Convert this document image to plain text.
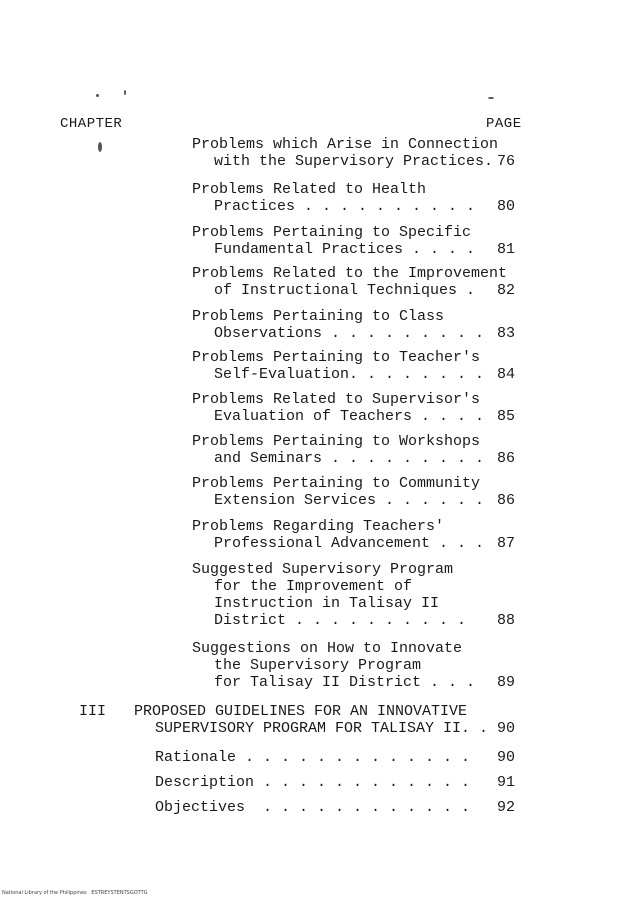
CHAPTER	PAGE
Problems which Arise in Connection
with the Supervisory Practices. 76
Problems Related to Health
Practices . . . . . . . . . . 80
Problems Pertaining to Specific
Fundamental Practices . . . . 81
Problems Related to the Improvement
of Instructional Techniques . 82
Problems Pertaining to Class
Observations . . . . . . . . . 83
Problems Pertaining to Teacher's
Self-Evaluation. . . . . . . . 84
Problems Related to Supervisor's
Evaluation of Teachers . . . . 85
Problems Pertaining to Workshops
and Seminars . . . . . . . . . 86
Problems Pertaining to Community
Extension Services . . . . . . 86
Problems Regarding Teachers'
Professional Advancement . . . 87
Suggested Supervisory Program
for the Improvement of
Instruction in Talisay II
District . . . . . . . . . . 88
Suggestions on How to Innovate
the Supervisory Program
for Talisay II District . . . 89
III PROPOSED GUIDELINES FOR AN INNOVATIVE
SUPERVISORY PROGRAM FOR TALISAY II. . 90
Rationale . . . . . . . . . . . . . 90
Description . . . . . . . . . . . . 91
Objectives  . . . . . . . . . . . . 92
National Library of the Philippines   ESTREYSTENTSGOTTG
